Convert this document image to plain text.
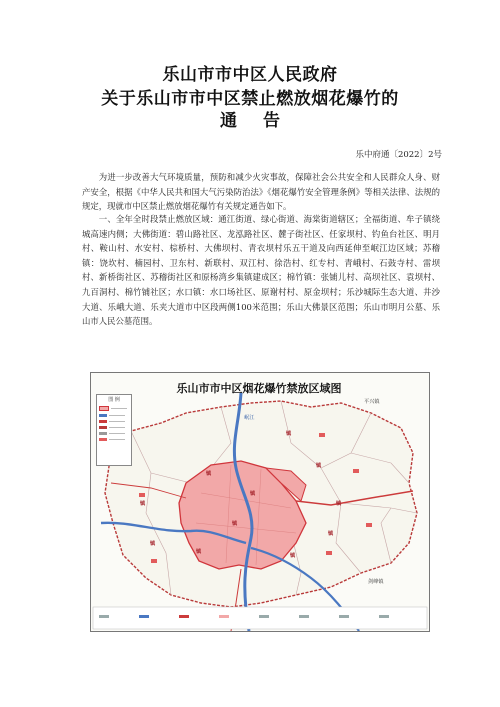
乐山市市中区人民政府
关于乐山市市中区禁止燃放烟花爆竹的
通告
乐中府通〔2022〕2号

为进一步改善大气环境质量，预防和减少火灾事故，保障社会公共安全和人民群众人身、财产安全，根据《中华人民共和国大气污染防治法》《烟花爆竹安全管理条例》等相关法律、法规的规定，现就市中区禁止燃放烟花爆竹有关规定通告如下。

一、全年全时段禁止燃放区域：通江街道、绿心街道、海棠街道辖区；全福街道、牟子镇绕城高速内侧；大佛街道：碧山路社区、龙泓路社区、麓子街社区、任家坝村、钓鱼台社区、明月村、鞍山村、水安村、棕桥村、大佛坝村、青衣坝村乐五干道及向西延伸至岷江边区域；苏稽镇：饶坎村、楠园村、卫东村、新联村、双江村、徐浩村、红专村、青峨村、石鼓寺村、雷坝村、新桥街社区、苏稽街社区和原杨湾乡集镇建成区；棉竹镇：张铺儿村、高坝社区、袁坝村、九百洞村、棉竹铺社区；水口镇：水口场社区、原谢村村、原金坝村；乐沙城际生态大道、井沙大道、乐峨大道、乐夹大道市中区段两侧100米范围；乐山大佛景区范围；乐山市明月公墓、乐山市人民公墓范围。

乐山市市中区烟花爆竹禁放区域图
图 例	平兴镇
剑峰镇
岷江
镇
镇
镇
镇
镇
镇
镇
镇
镇
镇
镇
